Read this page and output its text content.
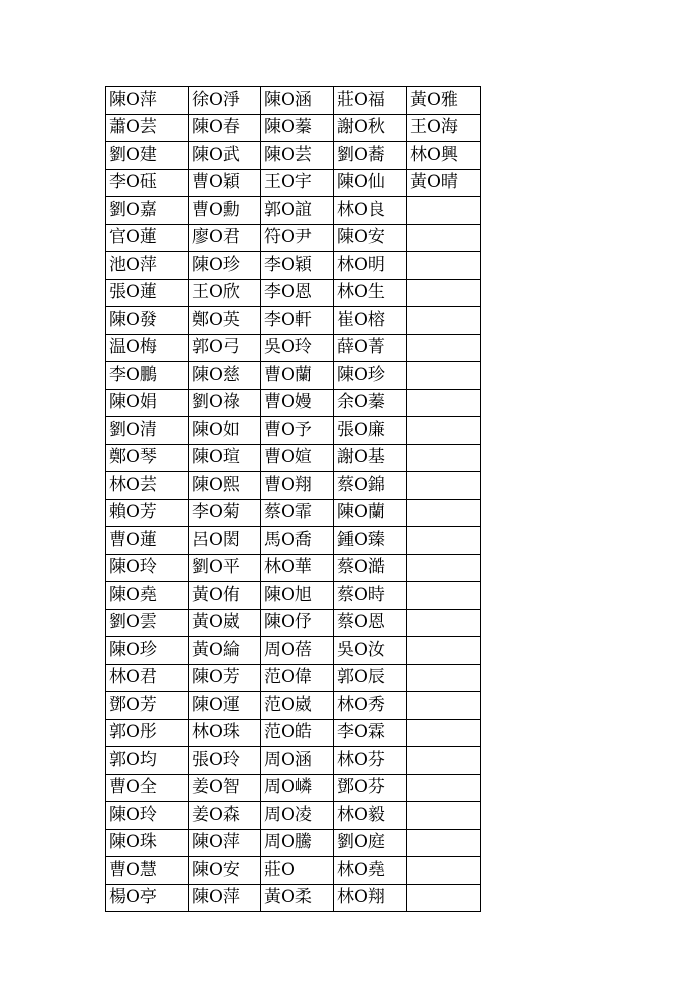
陳O萍	徐O淨	陳O涵	莊O福	黃O雅
蕭O芸	陳O春	陳O蓁	謝O秋	王O海
劉O建	陳O武	陳O芸	劉O蕎	林O興
李O砡	曹O穎	王O宇	陳O仙	黃O晴
劉O嘉	曹O勳	郭O誼	林O良	
官O蓮	廖O君	符O尹	陳O安	
池O萍	陳O珍	李O穎	林O明	
張O蓮	王O欣	李O恩	林O生	
陳O發	鄭O英	李O軒	崔O榕	
温O梅	郭O弓	吳O玲	薛O菁	
李O鵬	陳O慈	曹O蘭	陳O珍	
陳O娟	劉O祿	曹O嫚	余O蓁	
劉O清	陳O如	曹O予	張O廉	
鄭O琴	陳O瑄	曹O媗	謝O基	
林O芸	陳O熙	曹O翔	蔡O錦	
賴O芳	李O菊	蔡O霏	陳O蘭	
曹O蓮	呂O閎	馬O喬	鍾O臻	
陳O玲	劉O平	林O華	蔡O澔	
陳O堯	黃O侑	陳O旭	蔡O時	
劉O雲	黃O崴	陳O伃	蔡O恩	
陳O珍	黃O綸	周O蓓	吳O汝	
林O君	陳O芳	范O偉	郭O辰	
鄧O芳	陳O運	范O崴	林O秀	
郭O彤	林O珠	范O皓	李O霖	
郭O均	張O玲	周O涵	林O芬	
曹O全	姜O智	周O嶙	鄧O芬	
陳O玲	姜O森	周O凌	林O毅	
陳O珠	陳O萍	周O騰	劉O庭	
曹O慧	陳O安	莊O	林O堯	
楊O亭	陳O萍	黃O柔	林O翔	
